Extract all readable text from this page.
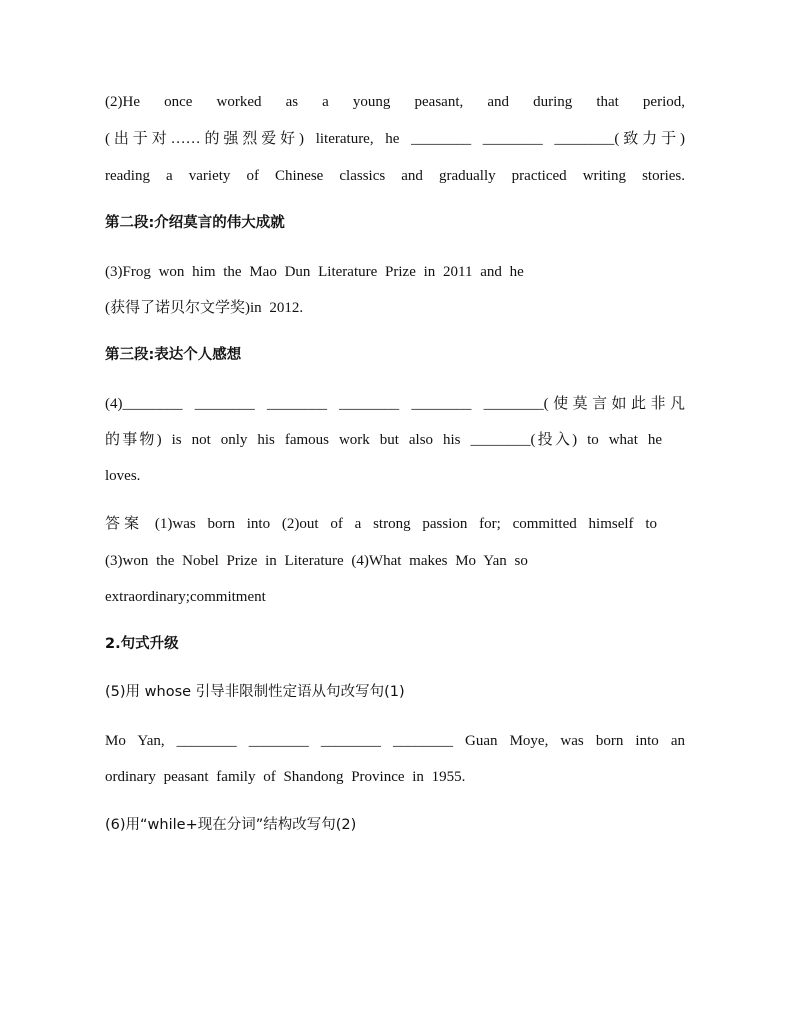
(2)He once worked as a young peasant, and during that period,
(出于对……的强烈爱好) literature, he ________ ________ ________(致力于)
reading a variety of Chinese classics and gradually practiced writing stories.
第二段:介绍莫言的伟大成就
(3)Frog won him the Mao Dun Literature Prize in 2011 and he
(获得了诺贝尔文学奖)in 2012.
第三段:表达个人感想
(4)________ ________ ________ ________ ________ ________(使莫言如此非凡
的事物) is not only his famous work but also his ________(投入) to what he
loves.
答案 (1)was born into (2)out of a strong passion for; committed himself to
(3)won the Nobel Prize in Literature (4)What makes Mo Yan so
extraordinary;commitment
2.句式升级
(5)用 whose 引导非限制性定语从句改写句(1)
Mo Yan, ________ ________ ________ ________ Guan Moye, was born into an
ordinary peasant family of Shandong Province in 1955.
(6)用“while+现在分词”结构改写句(2)
